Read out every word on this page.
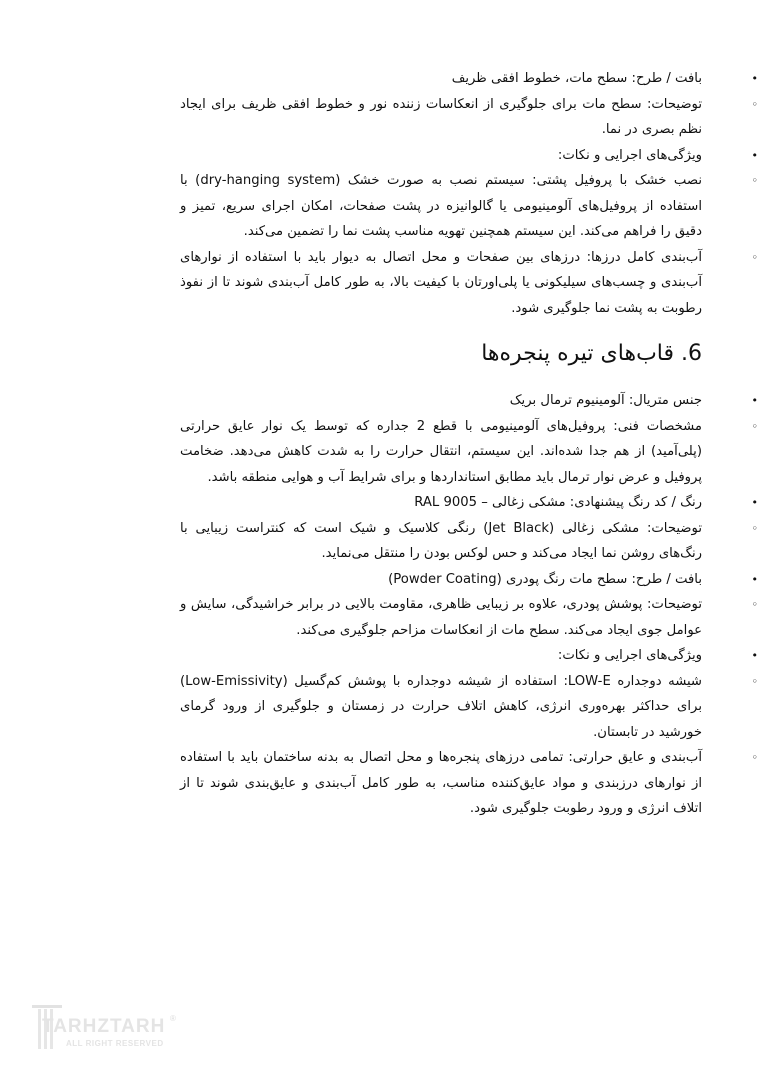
• بافت / طرح: سطح مات، خطوط افقی ظریف
◦ توضیحات: سطح مات برای جلوگیری از انعکاسات زننده نور و خطوط افقی ظریف برای ایجاد نظم بصری در نما.
• ویژگی‌های اجرایی و نکات:
◦ نصب خشک با پروفیل پشتی: سیستم نصب به صورت خشک (dry-hanging system) با استفاده از پروفیل‌های آلومینیومی یا گالوانیزه در پشت صفحات، امکان اجرای سریع، تمیز و دقیق را فراهم می‌کند. این سیستم همچنین تهویه مناسب پشت نما را تضمین می‌کند.
◦ آب‌بندی کامل درزها: درزهای بین صفحات و محل اتصال به دیوار باید با استفاده از نوارهای آب‌بندی و چسب‌های سیلیکونی یا پلی‌اورتان با کیفیت بالا، به طور کامل آب‌بندی شوند تا از نفوذ رطوبت به پشت نما جلوگیری شود.
6. قاب‌های تیره پنجره‌ها
• جنس متریال: آلومینیوم ترمال بریک
◦ مشخصات فنی: پروفیل‌های آلومینیومی با قطع 2 جداره که توسط یک نوار عایق حرارتی (پلی‌آمید) از هم جدا شده‌اند. این سیستم، انتقال حرارت را به شدت کاهش می‌دهد. ضخامت پروفیل و عرض نوار ترمال باید مطابق استانداردها و برای شرایط آب و هوایی منطقه باشد.
• رنگ / کد رنگ پیشنهادی: مشکی زغالی – RAL 9005
◦ توضیحات: مشکی زغالی (Jet Black) رنگی کلاسیک و شیک است که کنتراست زیبایی با رنگ‌های روشن نما ایجاد می‌کند و حس لوکس بودن را منتقل می‌نماید.
• بافت / طرح: سطح مات رنگ پودری (Powder Coating)
◦ توضیحات: پوشش پودری، علاوه بر زیبایی ظاهری، مقاومت بالایی در برابر خراشیدگی، سایش و عوامل جوی ایجاد می‌کند. سطح مات از انعکاسات مزاحم جلوگیری می‌کند.
• ویژگی‌های اجرایی و نکات:
◦ شیشه دوجداره LOW-E: استفاده از شیشه دوجداره با پوشش کم‌گسیل (Low-Emissivity) برای حداکثر بهره‌وری انرژی، کاهش اتلاف حرارت در زمستان و جلوگیری از ورود گرمای خورشید در تابستان.
◦ آب‌بندی و عایق حرارتی: تمامی درزهای پنجره‌ها و محل اتصال به بدنه ساختمان باید با استفاده از نوارهای درزبندی و مواد عایق‌کننده مناسب، به طور کامل آب‌بندی و عایق‌بندی شوند تا از اتلاف انرژی و ورود رطوبت جلوگیری شود.
TARHZTARH
ALL RIGHT RESERVED
®
